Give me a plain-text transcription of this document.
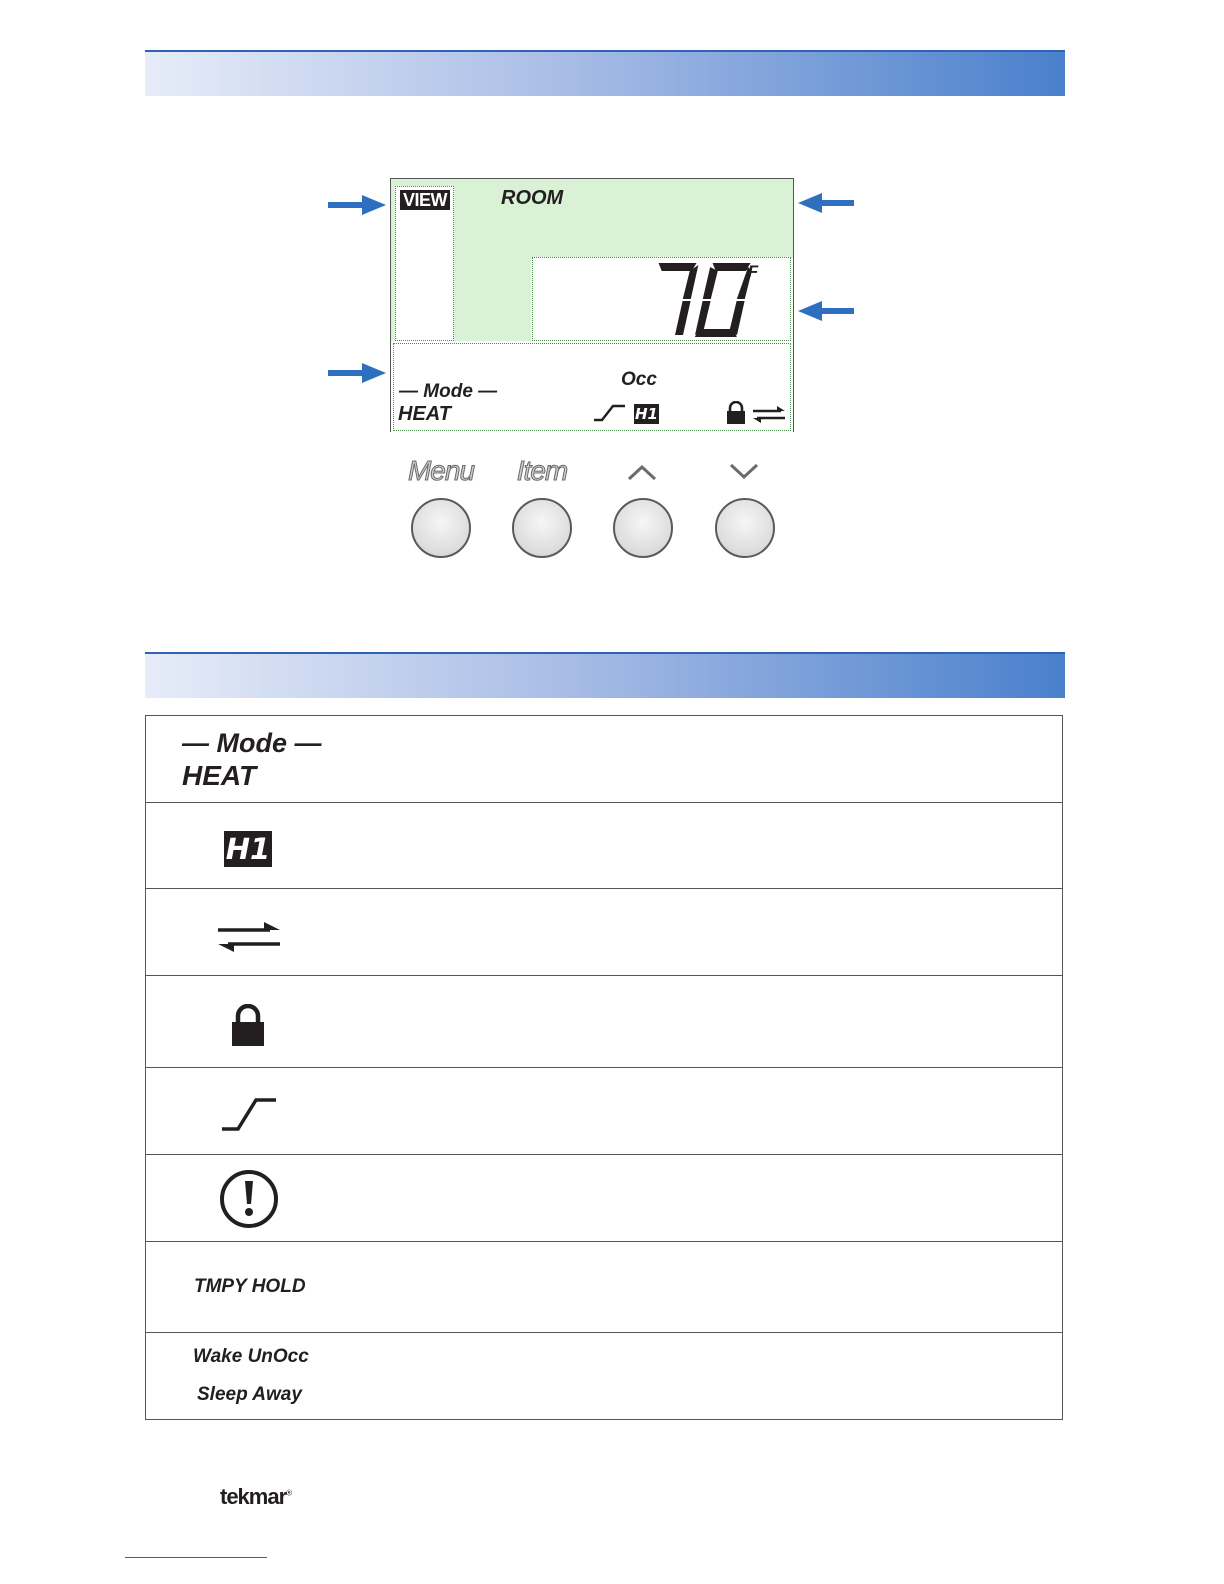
VIEW	ROOM
°F
— Mode —
HEAT
Occ
H1
Menu	Item
— Mode —
HEAT
H1
TMPY HOLD
Wake UnOcc
Sleep Away
tekmar®
